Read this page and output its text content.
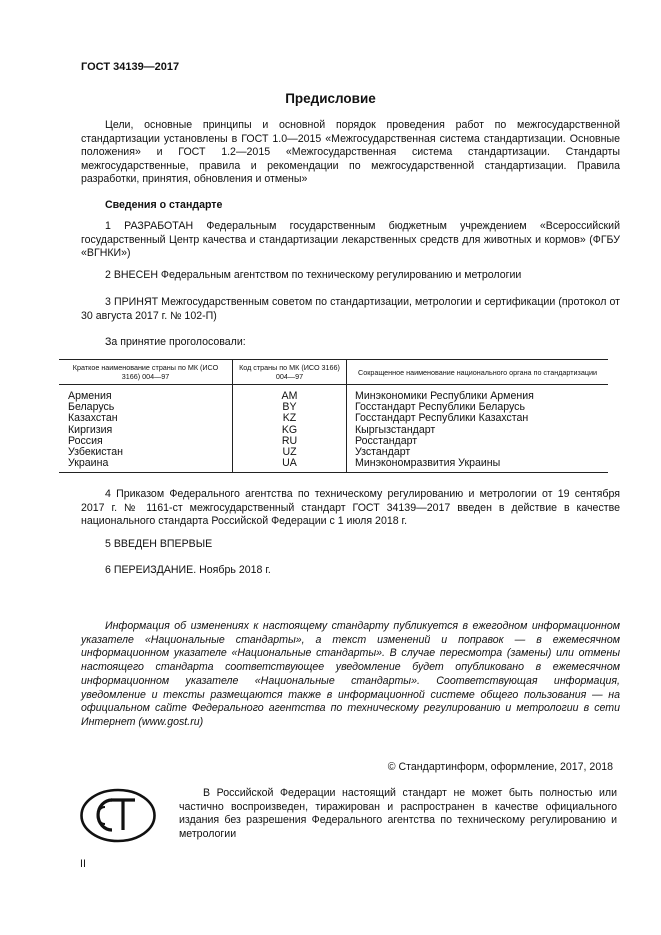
ГОСТ 34139—2017
Предисловие

Цели, основные принципы и основной порядок проведения работ по межгосударственной стандартизации установлены в ГОСТ 1.0—2015 «Межгосударственная система стандартизации. Основные положения» и ГОСТ 1.2—2015 «Межгосударственная система стандартизации. Стандарты межгосударственные, правила и рекомендации по межгосударственной стандартизации. Правила разработки, принятия, обновления и отмены»

Сведения о стандарте

1 РАЗРАБОТАН Федеральным государственным бюджетным учреждением «Всероссийский государственный Центр качества и стандартизации лекарственных средств для животных и кормов» (ФГБУ «ВГНКИ»)

2 ВНЕСЕН Федеральным агентством по техническому регулированию и метрологии

3 ПРИНЯТ Межгосударственным советом по стандартизации, метрологии и сертификации (протокол от 30 августа 2017 г. № 102-П)

За принятие проголосовали:

Краткое наименование страны по МК (ИСО 3166) 004—97	Код страны по МК (ИСО 3166) 004—97	Сокращенное наименование национального органа по стандартизации
Армения	AM	Минэкономики Республики Армения
Беларусь	BY	Госстандарт Республики Беларусь
Казахстан	KZ	Госстандарт Республики Казахстан
Киргизия	KG	Кыргызстандарт
Россия	RU	Росстандарт
Узбекистан	UZ	Узстандарт
Украина	UA	Минэкономразвития Украины

4 Приказом Федерального агентства по техническому регулированию и метрологии от 19 сентября 2017 г. № 1161-ст межгосударственный стандарт ГОСТ 34139—2017 введен в действие в качестве национального стандарта Российской Федерации с 1 июля 2018 г.

5 ВВЕДЕН ВПЕРВЫЕ

6 ПЕРЕИЗДАНИЕ. Ноябрь 2018 г.

Информация об изменениях к настоящему стандарту публикуется в ежегодном информационном указателе «Национальные стандарты», а текст изменений и поправок — в ежемесячном информационном указателе «Национальные стандарты». В случае пересмотра (замены) или отмены настоящего стандарта соответствующее уведомление будет опубликовано в ежемесячном информационном указателе «Национальные стандарты». Соответствующая информация, уведомление и тексты размещаются также в информационной системе общего пользования — на официальном сайте Федерального агентства по техническому регулированию и метрологии в сети Интернет (www.gost.ru)

© Стандартинформ, оформление, 2017, 2018

В Российской Федерации настоящий стандарт не может быть полностью или частично воспроизведен, тиражирован и распространен в качестве официального издания без разрешения Федерального агентства по техническому регулированию и метрологии

II
